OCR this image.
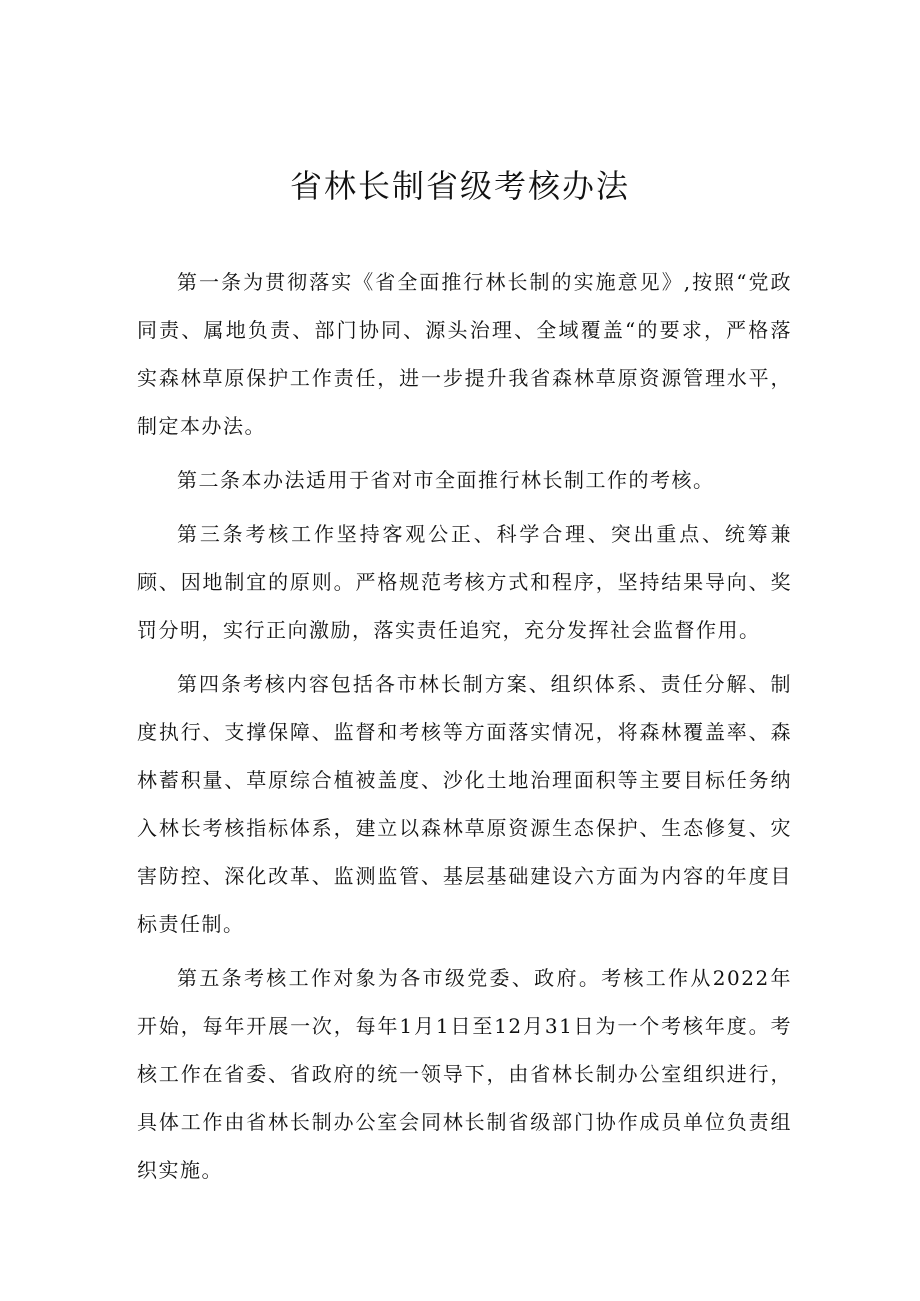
省林长制省级考核办法

第一条为贯彻落实《省全面推行林长制的实施意见》,按照“党政同责、属地负责、部门协同、源头治理、全域覆盖“的要求，严格落实森林草原保护工作责任，进一步提升我省森林草原资源管理水平，制定本办法。

第二条本办法适用于省对市全面推行林长制工作的考核。

第三条考核工作坚持客观公正、科学合理、突出重点、统筹兼顾、因地制宜的原则。严格规范考核方式和程序，坚持结果导向、奖罚分明，实行正向激励，落实责任追究，充分发挥社会监督作用。

第四条考核内容包括各市林长制方案、组织体系、责任分解、制度执行、支撑保障、监督和考核等方面落实情况，将森林覆盖率、森林蓄积量、草原综合植被盖度、沙化土地治理面积等主要目标任务纳入林长考核指标体系，建立以森林草原资源生态保护、生态修复、灾害防控、深化改革、监测监管、基层基础建设六方面为内容的年度目标责任制。

第五条考核工作对象为各市级党委、政府。考核工作从2022年开始，每年开展一次，每年1月1日至12月31日为一个考核年度。考核工作在省委、省政府的统一领导下，由省林长制办公室组织进行，具体工作由省林长制办公室会同林长制省级部门协作成员单位负责组织实施。
